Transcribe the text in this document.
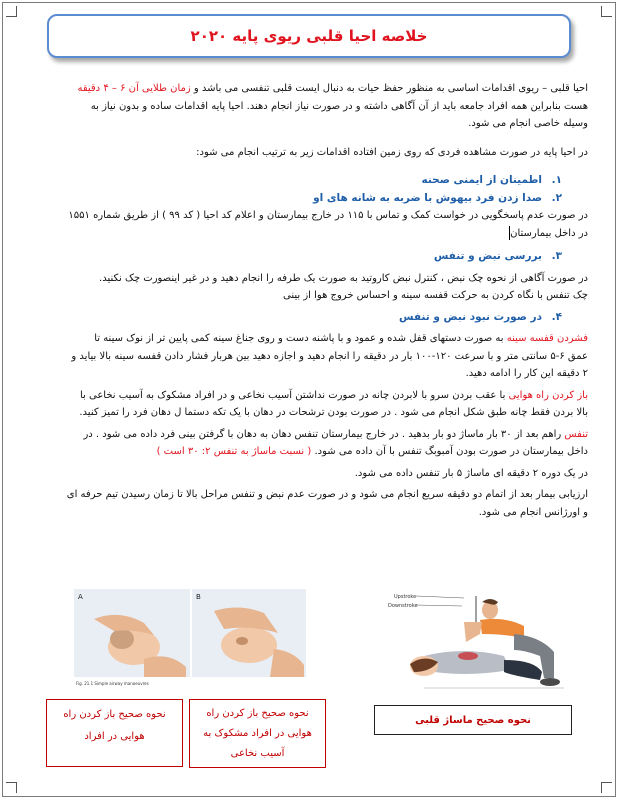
خلاصه احیا قلبی ریوی پایه ۲۰۲۰

احیا قلبی – ریوی اقدامات اساسی به منظور حفظ حیات به دنبال ایست قلبی تنفسی می باشد و زمان طلایی آن ۶ – ۴ دقیقه

هست بنابراین همه افراد جامعه باید از آن آگاهی داشته و در صورت نیاز انجام دهند. احیا پایه اقدامات ساده و بدون نیاز به

وسیله خاصی انجام می شود.

در احیا پایه در صورت مشاهده فردی که روی زمین افتاده اقدامات زیر به ترتیب انجام می شود:

۱.اطمینان از ایمنی صحنه

۲.صدا زدن فرد بیهوش با ضربه به شانه های او

در صورت عدم پاسخگویی در خواست کمک و تماس با ۱۱۵ در خارج بیمارستان و اعلام کد احیا ( کد ۹۹ ) از طریق شماره ۱۵۵۱

در داخل بیمارستان

۳.بررسی نبض و تنفس

در صورت آگاهی از نحوه چک نبض ، کنترل نبض کاروتید به صورت یک طرفه را انجام دهید و در غیر اینصورت چک نکنید.

چک تنفس با نگاه کردن به حرکت قفسه سینه و احساس خروج هوا از بینی

۴.در صورت نبود نبض و تنفس

فشردن قفسه سینه به صورت دستهای قفل شده و عمود و با پاشنه دست و روی جناغ سینه کمی پایین تر از نوک سینه تا

عمق ۶-۵ سانتی متر و با سرعت ۱۲۰-۱۰۰ بار در دقیقه را انجام دهید و اجازه دهید بین هربار فشار دادن قفسه سینه بالا بیاید و

۲ دقیقه این کار را ادامه دهید.

باز کردن راه هوایی با عقب بردن سرو با لابردن چانه در صورت نداشتن آسیب نخاعی و در افراد مشکوک به آسیب نخاعی با

بالا بردن فقط چانه طبق شکل انجام می شود . در صورت بودن ترشحات در دهان با یک تکه دستما ل دهان فرد را تمیز کنید.

تنفس راهم بعد از ۳۰ بار ماساژ دو بار بدهید . در خارج بیمارستان تنفس دهان به دهان با گرفتن بینی فرد داده می شود . در

داخل بیمارستان در صورت بودن آمبوبگ تنفس با آن داده می شود. ( نسبت ماساژ به تنفس ۲: ۳۰ است )

در یک دوره ۲ دقیقه ای ماساژ ۵ بار تنفس داده می شود.

ارزیابی بیمار بعد از اتمام دو دقیقه سریع انجام می شود و در صورت عدم نبض و تنفس مراحل بالا تا زمان رسیدن تیم حرفه ای

و اورژانس انجام می شود.

A	B
Fig. 21.1 Simple airway manoeuvres
Upstroke
Downstroke
نحوه صحیح باز کردن راه هوایی در افراد
نحوه صحیح باز کردن راه هوایی در افراد مشکوک به آسیب نخاعی
نحوه صحیح ماساژ قلبی
